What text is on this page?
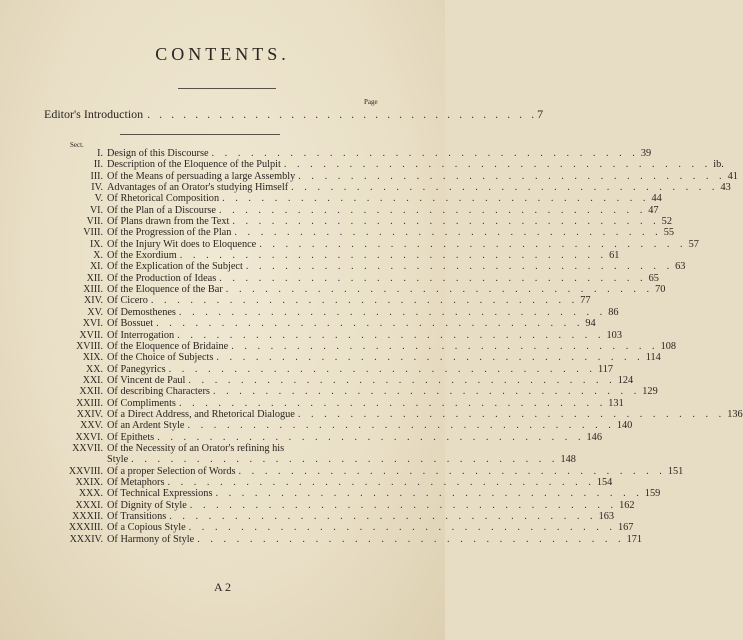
CONTENTS.
Page
Editor's Introduction . . . . . . . . . . . . . . . . . . . . . . . . . . . . . . . . . 7
Sect.
I. Design of this Discourse . . . . . . . . . . . . . . . . . . . . . . . . . . . . . . . . . 39
II. Description of the Eloquence of the Pulpit . . . . . . . . . . . . . . . . . . . . . . . . . . . . . . . . . ib.
III. Of the Means of persuading a large Assembly . . . . . . . . . . . . . . . . . . . . . . . . . . . . . . . . . 41
IV. Advantages of an Orator's studying Himself . . . . . . . . . . . . . . . . . . . . . . . . . . . . . . . . . 43
V. Of Rhetorical Composition . . . . . . . . . . . . . . . . . . . . . . . . . . . . . . . . . 44
VI. Of the Plan of a Discourse . . . . . . . . . . . . . . . . . . . . . . . . . . . . . . . . . 47
VII. Of Plans drawn from the Text . . . . . . . . . . . . . . . . . . . . . . . . . . . . . . . . . 52
VIII. Of the Progression of the Plan . . . . . . . . . . . . . . . . . . . . . . . . . . . . . . . . . 55
IX. Of the Injury Wit does to Eloquence . . . . . . . . . . . . . . . . . . . . . . . . . . . . . . . . . 57
X. Of the Exordium . . . . . . . . . . . . . . . . . . . . . . . . . . . . . . . . . 61
XI. Of the Explication of the Subject . . . . . . . . . . . . . . . . . . . . . . . . . . . . . . . . . 63
XII. Of the Production of Ideas . . . . . . . . . . . . . . . . . . . . . . . . . . . . . . . . . 65
XIII. Of the Eloquence of the Bar . . . . . . . . . . . . . . . . . . . . . . . . . . . . . . . . . 70
XIV. Of Cicero . . . . . . . . . . . . . . . . . . . . . . . . . . . . . . . . . 77
XV. Of Demosthenes . . . . . . . . . . . . . . . . . . . . . . . . . . . . . . . . . 86
XVI. Of Bossuet . . . . . . . . . . . . . . . . . . . . . . . . . . . . . . . . . 94
XVII. Of Interrogation . . . . . . . . . . . . . . . . . . . . . . . . . . . . . . . . . 103
XVIII. Of the Eloquence of Bridaine . . . . . . . . . . . . . . . . . . . . . . . . . . . . . . . . . 108
XIX. Of the Choice of Subjects . . . . . . . . . . . . . . . . . . . . . . . . . . . . . . . . . 114
XX. Of Panegyrics . . . . . . . . . . . . . . . . . . . . . . . . . . . . . . . . . 117
XXI. Of Vincent de Paul . . . . . . . . . . . . . . . . . . . . . . . . . . . . . . . . . 124
XXII. Of describing Characters . . . . . . . . . . . . . . . . . . . . . . . . . . . . . . . . . 129
XXIII. Of Compliments . . . . . . . . . . . . . . . . . . . . . . . . . . . . . . . . . 131
XXIV. Of a Direct Address, and Rhetorical Dialogue . . . . . . . . . . . . . . . . . . . . . . . . . . . . . . . . . 136
XXV. Of an Ardent Style . . . . . . . . . . . . . . . . . . . . . . . . . . . . . . . . . 140
XXVI. Of Epithets . . . . . . . . . . . . . . . . . . . . . . . . . . . . . . . . . 146
XXVII. Of the Necessity of an Orator's refining his
Style . . . . . . . . . . . . . . . . . . . . . . . . . . . . . . . . . 148
XXVIII. Of a proper Selection of Words . . . . . . . . . . . . . . . . . . . . . . . . . . . . . . . . . 151
XXIX. Of Metaphors . . . . . . . . . . . . . . . . . . . . . . . . . . . . . . . . . 154
XXX. Of Technical Expressions . . . . . . . . . . . . . . . . . . . . . . . . . . . . . . . . . 159
XXXI. Of Dignity of Style . . . . . . . . . . . . . . . . . . . . . . . . . . . . . . . . . 162
XXXII. Of Transitions . . . . . . . . . . . . . . . . . . . . . . . . . . . . . . . . . 163
XXXIII. Of a Copious Style . . . . . . . . . . . . . . . . . . . . . . . . . . . . . . . . . 167
XXXIV. Of Harmony of Style . . . . . . . . . . . . . . . . . . . . . . . . . . . . . . . . . 171
A 2
